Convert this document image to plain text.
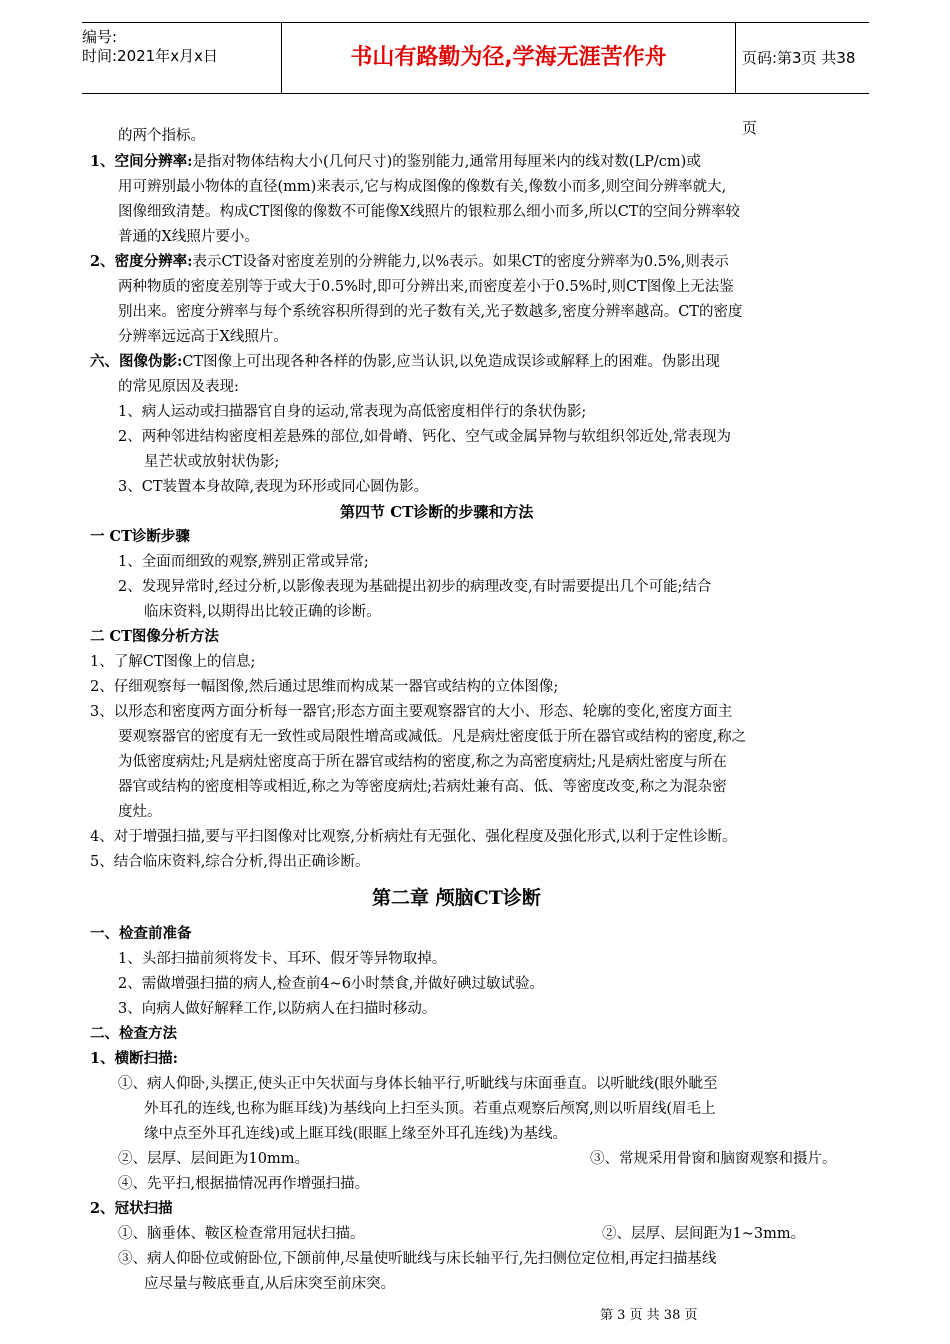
编号:
时间:2021年x月x日	书山有路勤为径,学海无涯苦作舟	页码:第3页 共38页
的两个指标。
1、空间分辨率:是指对物体结构大小(几何尺寸)的鉴别能力,通常用每厘米内的线对数(LP/cm)或
用可辨别最小物体的直径(mm)来表示,它与构成图像的像数有关,像数小而多,则空间分辨率就大,
图像细致清楚。构成CT图像的像数不可能像X线照片的银粒那么细小而多,所以CT的空间分辨率较
普通的X线照片要小。
2、密度分辨率:表示CT设备对密度差别的分辨能力,以%表示。如果CT的密度分辨率为0.5%,则表示
两种物质的密度差别等于或大于0.5%时,即可分辨出来,而密度差小于0.5%时,则CT图像上无法鉴
别出来。密度分辨率与每个系统容积所得到的光子数有关,光子数越多,密度分辨率越高。CT的密度
分辨率远远高于X线照片。
六、图像伪影:CT图像上可出现各种各样的伪影,应当认识,以免造成误诊或解释上的困难。伪影出现
的常见原因及表现:
1、病人运动或扫描器官自身的运动,常表现为高低密度相伴行的条状伪影;
2、两种邻进结构密度相差悬殊的部位,如骨嵴、钙化、空气或金属异物与软组织邻近处,常表现为
星芒状或放射状伪影;
3、CT装置本身故障,表现为环形或同心圆伪影。
第四节 CT诊断的步骤和方法
一 CT诊断步骤
1、全面而细致的观察,辨别正常或异常;
2、发现异常时,经过分析,以影像表现为基础提出初步的病理改变,有时需要提出几个可能;结合
临床资料,以期得出比较正确的诊断。
二 CT图像分析方法
1、了解CT图像上的信息;
2、仔细观察每一幅图像,然后通过思维而构成某一器官或结构的立体图像;
3、以形态和密度两方面分析每一器官;形态方面主要观察器官的大小、形态、轮廓的变化,密度方面主
要观察器官的密度有无一致性或局限性增高或减低。凡是病灶密度低于所在器官或结构的密度,称之
为低密度病灶;凡是病灶密度高于所在器官或结构的密度,称之为高密度病灶;凡是病灶密度与所在
器官或结构的密度相等或相近,称之为等密度病灶;若病灶兼有高、低、等密度改变,称之为混杂密
度灶。
4、对于增强扫描,要与平扫图像对比观察,分析病灶有无强化、强化程度及强化形式,以利于定性诊断。
5、结合临床资料,综合分析,得出正确诊断。
第二章 颅脑CT诊断
一、检查前准备
1、头部扫描前须将发卡、耳环、假牙等异物取掉。
2、需做增强扫描的病人,检查前4~6小时禁食,并做好碘过敏试验。
3、向病人做好解释工作,以防病人在扫描时移动。
二、检查方法
1、横断扫描:
①、病人仰卧,头摆正,使头正中矢状面与身体长轴平行,听眦线与床面垂直。以听眦线(眼外眦至
外耳孔的连线,也称为眶耳线)为基线向上扫至头顶。若重点观察后颅窝,则以听眉线(眉毛上
缘中点至外耳孔连线)或上眶耳线(眼眶上缘至外耳孔连线)为基线。
②、层厚、层间距为10mm。	③、常规采用骨窗和脑窗观察和摄片。
④、先平扫,根据描情况再作增强扫描。
2、冠状扫描
①、脑垂体、鞍区检查常用冠状扫描。	②、层厚、层间距为1~3mm。
③、病人仰卧位或俯卧位,下颌前伸,尽量使听眦线与床长轴平行,先扫侧位定位相,再定扫描基线
应尽量与鞍底垂直,从后床突至前床突。
第 3 页 共 38 页
